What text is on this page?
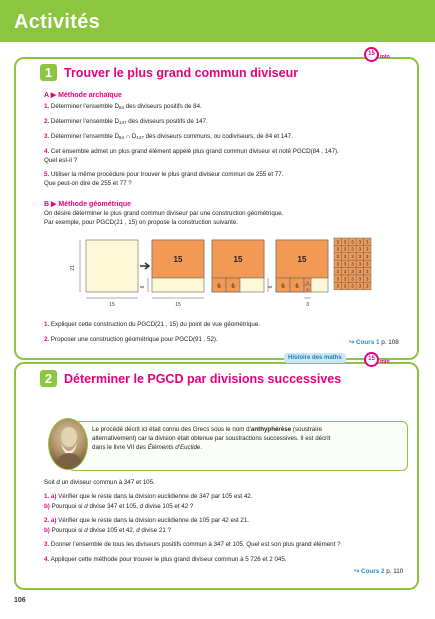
Activités
15 min
1 Trouver le plus grand commun diviseur
A ▶ Méthode archaïque
1. Déterminer l’ensemble $D_{84}$ des diviseurs positifs de 84.
2. Déterminer l’ensemble $D_{147}$ des diviseurs positifs de 147.
3. Déterminer l’ensemble $D_{84}$ ∩ $D_{147}$ des diviseurs communs, ou codiviseurs, de 84 et 147.
4. Cet ensemble admet un plus grand élément appelé plus grand commun diviseur et noté PGCD(84 , 147).
Quel est-il ?
5. Utiliser la même procédure pour trouver le plus grand diviseur commun de 255 et 77.
Que peut-on dire de 255 et 77 ?
B ▶ Méthode géométrique
On désire déterminer le plus grand commun diviseur par une construction géométrique.
Par exemple, pour PGCD(21 , 15) on propose la construction suivante.
21
15
15
6
15
15
6 6	6
15
6 6
3
3
3
3 3 3 3 3
3 3 3 3 3
3 3 3 3 3
3 3 3 3 3
3 3 3 3 3
3 3 3 3 3
3 3 3 3 3
1. Expliquer cette construction du PGCD(21 , 15) du point de vue géométrique.
2. Proposer une construction géométrique pour PGCD(91 , 52).	↪ Cours 1 p. 108
Histoire des maths	15 min
2 Déterminer le PGCD par divisions successives
Le procédé décrit ici était connu des Grecs sous le nom d’anthyphérèse (soustraire
alternativement) car la division était obtenue par soustractions successives. Il est décrit
dans le livre VII des Éléments d’Euclide.
Soit d un diviseur commun à 347 et 105.
1. a) Vérifier que le reste dans la division euclidienne de 347 par 105 est 42.
b) Pourquoi si d divise 347 et 105, d divise 105 et 42 ?
2. a) Vérifier que le reste dans la division euclidienne de 105 par 42 est 21.
b) Pourquoi si d divise 105 et 42, d divise 21 ?
3. Donner l’ensemble de tous les diviseurs positifs commun à 347 et 105. Quel est son plus grand élément ?
4. Appliquer cette méthode pour trouver le plus grand diviseur commun à 5 726 et 2 045.
↪ Cours 2 p. 110
106
